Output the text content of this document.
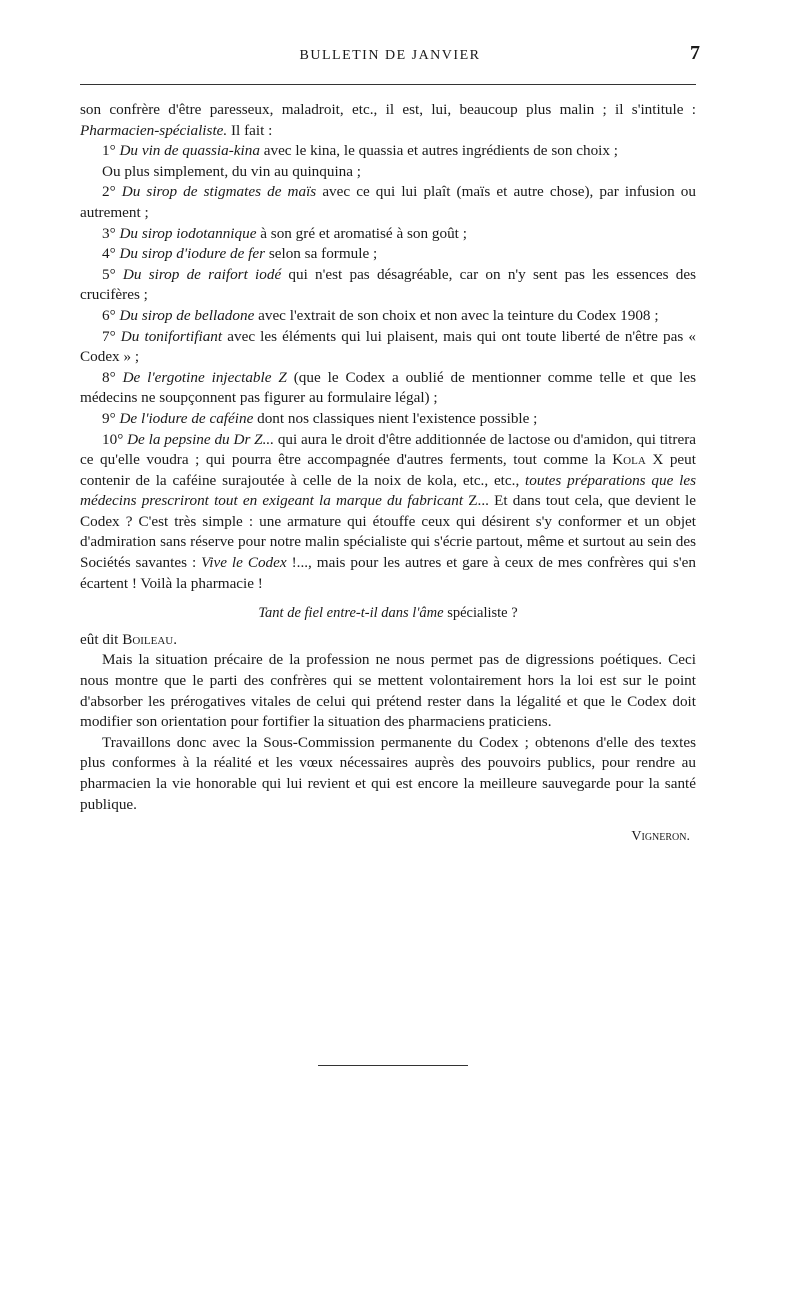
BULLETIN DE JANVIER	7

son confrère d'être paresseux, maladroit, etc., il est, lui, beaucoup plus malin ; il s'intitule : Pharmacien-spécialiste. Il fait :

1° Du vin de quassia-kina avec le kina, le quassia et autres ingrédients de son choix ;

Ou plus simplement, du vin au quinquina ;

2° Du sirop de stigmates de maïs avec ce qui lui plaît (maïs et autre chose), par infusion ou autrement ;

3° Du sirop iodotannique à son gré et aromatisé à son goût ;

4° Du sirop d'iodure de fer selon sa formule ;

5° Du sirop de raifort iodé qui n'est pas désagréable, car on n'y sent pas les essences des crucifères ;

6° Du sirop de belladone avec l'extrait de son choix et non avec la teinture du Codex 1908 ;

7° Du tonifortifiant avec les éléments qui lui plaisent, mais qui ont toute liberté de n'être pas « Codex » ;

8° De l'ergotine injectable Z (que le Codex a oublié de mentionner comme telle et que les médecins ne soupçonnent pas figurer au formulaire légal) ;

9° De l'iodure de caféine dont nos classiques nient l'existence possible ;

10° De la pepsine du Dr Z... qui aura le droit d'être additionnée de lactose ou d'amidon, qui titrera ce qu'elle voudra ; qui pourra être accompagnée d'autres ferments, tout comme la Kola X peut contenir de la caféine surajoutée à celle de la noix de kola, etc., etc., toutes préparations que les médecins prescriront tout en exigeant la marque du fabricant Z... Et dans tout cela, que devient le Codex ? C'est très simple : une armature qui étouffe ceux qui désirent s'y conformer et un objet d'admiration sans réserve pour notre malin spécialiste qui s'écrie partout, même et surtout au sein des Sociétés savantes : Vive le Codex !..., mais pour les autres et gare à ceux de mes confrères qui s'en écartent ! Voilà la pharmacie !

Tant de fiel entre-t-il dans l'âme spécialiste ?

eût dit Boileau.

Mais la situation précaire de la profession ne nous permet pas de digressions poétiques. Ceci nous montre que le parti des confrères qui se mettent volontairement hors la loi est sur le point d'absorber les prérogatives vitales de celui qui prétend rester dans la légalité et que le Codex doit modifier son orientation pour fortifier la situation des pharmaciens praticiens.

Travaillons donc avec la Sous-Commission permanente du Codex ; obtenons d'elle des textes plus conformes à la réalité et les vœux nécessaires auprès des pouvoirs publics, pour rendre au pharmacien la vie honorable qui lui revient et qui est encore la meilleure sauvegarde pour la santé publique.

Vigneron.
